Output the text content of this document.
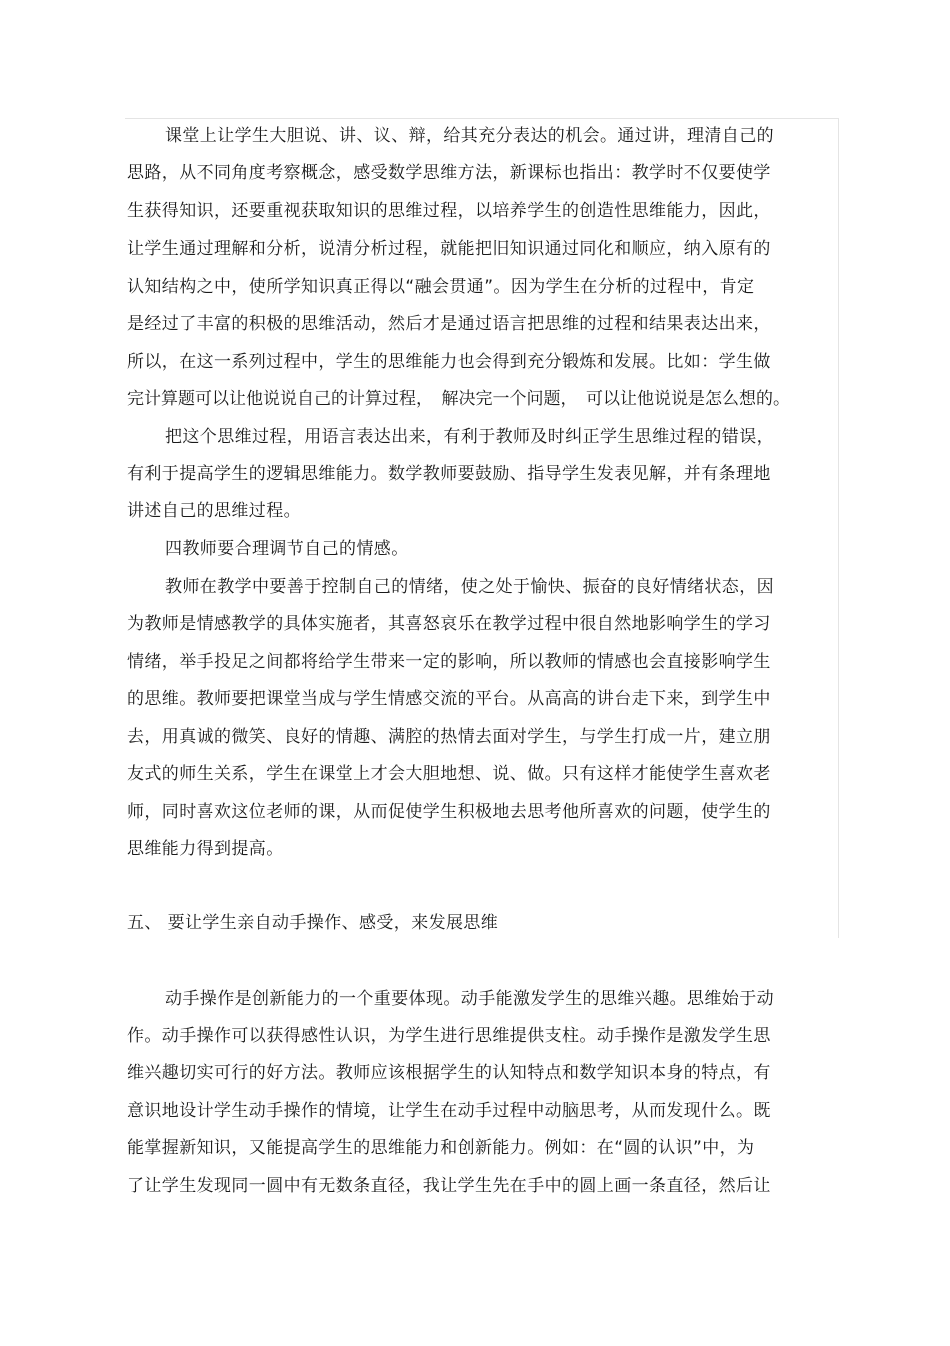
课堂上让学生大胆说、讲、议、辩，给其充分表达的机会。通过讲，理清自己的
思路，从不同角度考察概念，感受数学思维方法，新课标也指出：教学时不仅要使学
生获得知识，还要重视获取知识的思维过程，以培养学生的创造性思维能力，因此，
让学生通过理解和分析，说清分析过程，就能把旧知识通过同化和顺应，纳入原有的
认知结构之中，使所学知识真正得以“融会贯通”。因为学生在分析的过程中，肯定
是经过了丰富的积极的思维活动，然后才是通过语言把思维的过程和结果表达出来，
所以，在这一系列过程中，学生的思维能力也会得到充分锻炼和发展。比如：学生做
完计算题可以让他说说自己的计算过程，　解决完一个问题，　可以让他说说是怎么想的。
把这个思维过程，用语言表达出来，有利于教师及时纠正学生思维过程的错误，
有利于提高学生的逻辑思维能力。数学教师要鼓励、指导学生发表见解，并有条理地
讲述自己的思维过程。
四教师要合理调节自己的情感。
教师在教学中要善于控制自己的情绪，使之处于愉快、振奋的良好情绪状态，因
为教师是情感教学的具体实施者，其喜怒哀乐在教学过程中很自然地影响学生的学习
情绪，举手投足之间都将给学生带来一定的影响，所以教师的情感也会直接影响学生
的思维。教师要把课堂当成与学生情感交流的平台。从高高的讲台走下来，到学生中
去，用真诚的微笑、良好的情趣、满腔的热情去面对学生，与学生打成一片，建立朋
友式的师生关系，学生在课堂上才会大胆地想、说、做。只有这样才能使学生喜欢老
师，同时喜欢这位老师的课，从而促使学生积极地去思考他所喜欢的问题，使学生的
思维能力得到提高。
五、 要让学生亲自动手操作、感受，来发展思维
动手操作是创新能力的一个重要体现。动手能激发学生的思维兴趣。思维始于动
作。动手操作可以获得感性认识，为学生进行思维提供支柱。动手操作是激发学生思
维兴趣切实可行的好方法。教师应该根据学生的认知特点和数学知识本身的特点，有
意识地设计学生动手操作的情境，让学生在动手过程中动脑思考，从而发现什么。既
能掌握新知识，又能提高学生的思维能力和创新能力。例如：在“圆的认识”中，为
了让学生发现同一圆中有无数条直径，我让学生先在手中的圆上画一条直径，然后让
